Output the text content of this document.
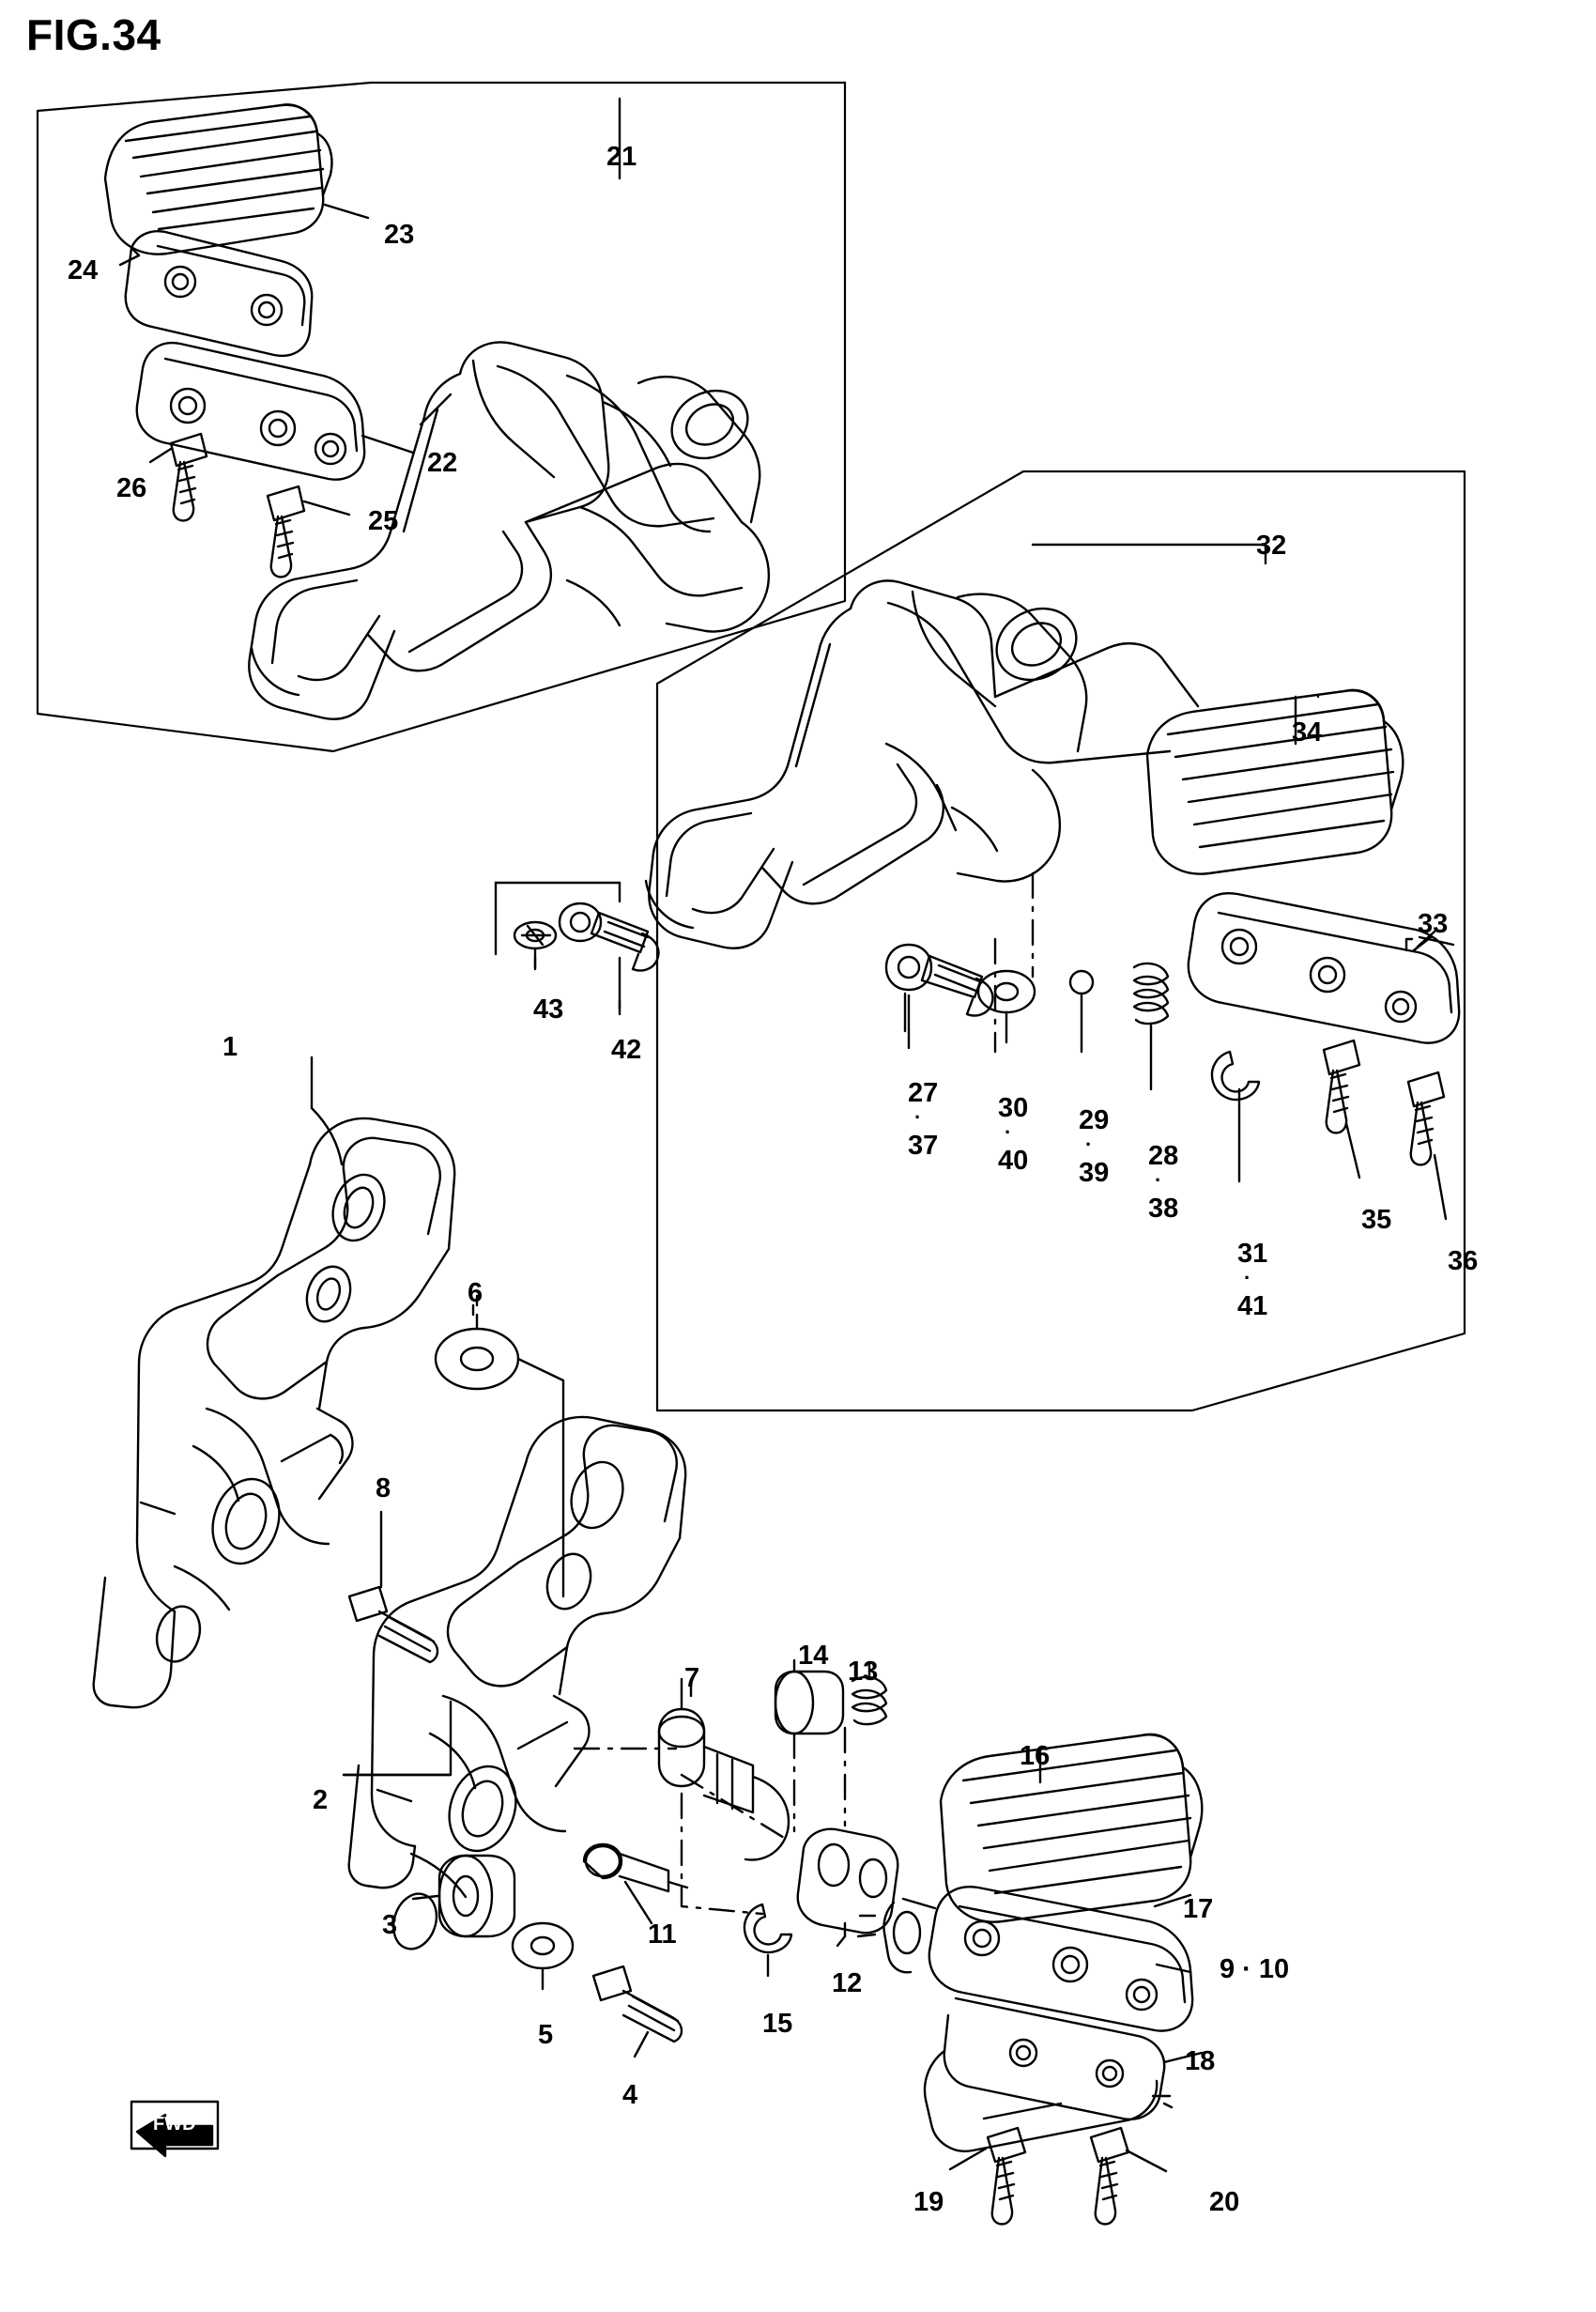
FIG.34
1
2
3
4
5
6
7
8
9 · 10
11
12
13
14
15
16
17
18
19	20
21
22
23
24
25
26
27
·
37	28
·
38
29
·
39
30
·
40
31
·
41
32
33
34
35
36
42
43
FWD
